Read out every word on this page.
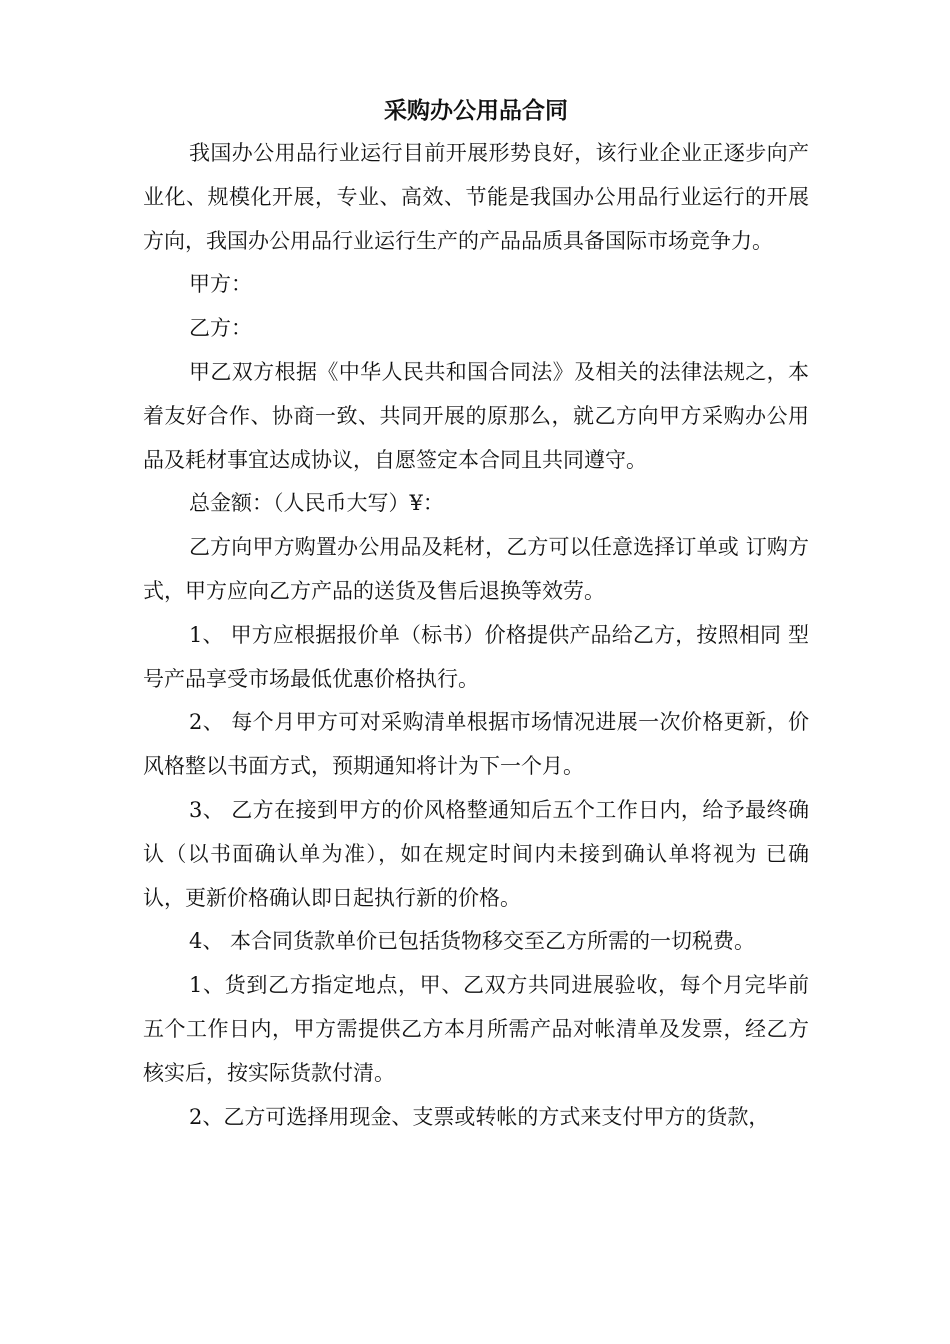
采购办公用品合同

我国办公用品行业运行目前开展形势良好，该行业企业正逐步向产业化、规模化开展，专业、高效、节能是我国办公用品行业运行的开展方向，我国办公用品行业运行生产的产品品质具备国际市场竞争力。

甲方：

乙方：

甲乙双方根据《中华人民共和国合同法》及相关的法律法规之，本着友好合作、协商一致、共同开展的原那么，就乙方向甲方采购办公用品及耗材事宜达成协议，自愿签定本合同且共同遵守。

总金额：（人民币大写）¥：

乙方向甲方购置办公用品及耗材，乙方可以任意选择订单或 订购方式，甲方应向乙方产品的送货及售后退换等效劳。

1、 甲方应根据报价单（标书）价格提供产品给乙方，按照相同 型号产品享受市场最低优惠价格执行。

2、 每个月甲方可对采购清单根据市场情况进展一次价格更新，价风格整以书面方式，预期通知将计为下一个月。

3、 乙方在接到甲方的价风格整通知后五个工作日内，给予最终确认（以书面确认单为准），如在规定时间内未接到确认单将视为 已确认，更新价格确认即日起执行新的价格。

4、 本合同货款单价已包括货物移交至乙方所需的一切税费。

1、货到乙方指定地点，甲、乙双方共同进展验收，每个月完毕前五个工作日内，甲方需提供乙方本月所需产品对帐清单及发票，经乙方核实后，按实际货款付清。

2、乙方可选择用现金、支票或转帐的方式来支付甲方的货款，
